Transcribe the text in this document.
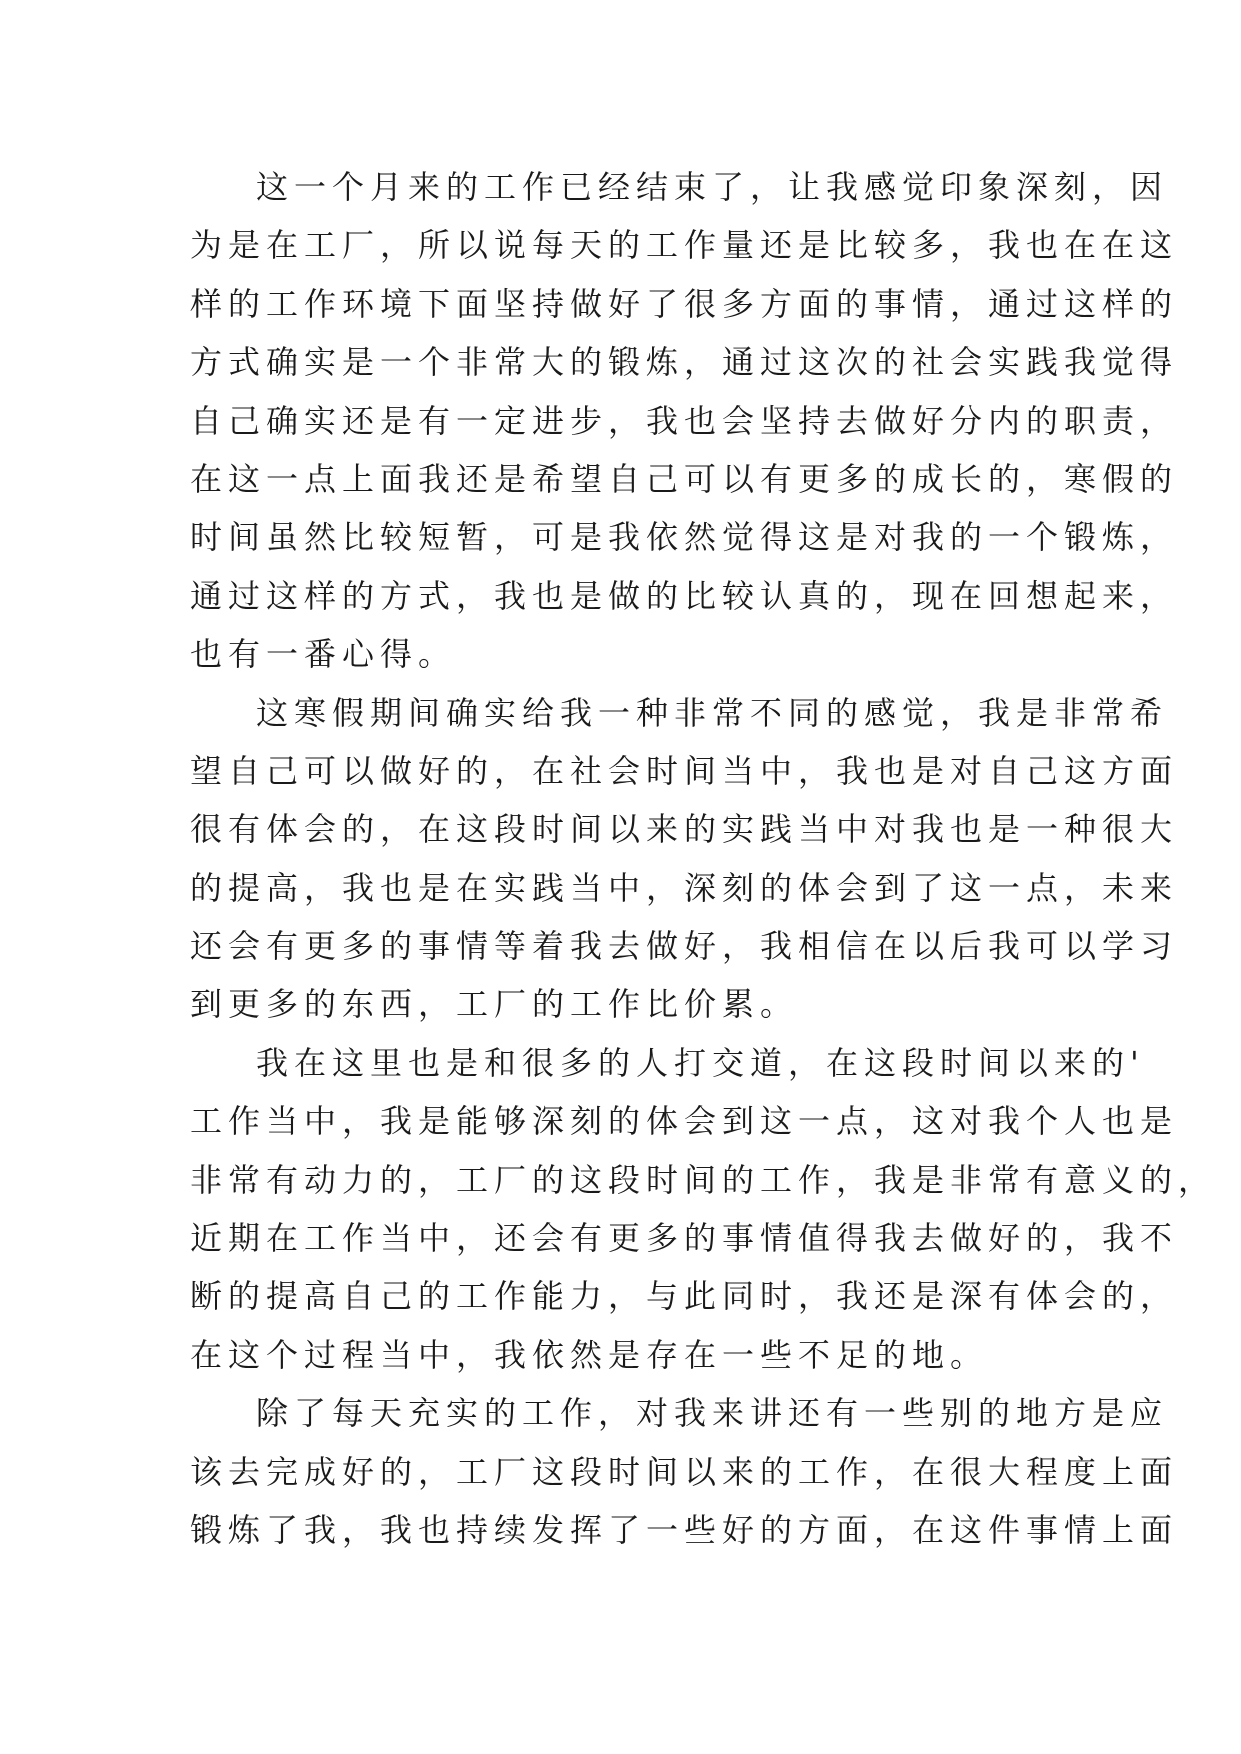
这一个月来的工作已经结束了，让我感觉印象深刻，因
为是在工厂，所以说每天的工作量还是比较多，我也在在这
样的工作环境下面坚持做好了很多方面的事情，通过这样的
方式确实是一个非常大的锻炼，通过这次的社会实践我觉得
自己确实还是有一定进步，我也会坚持去做好分内的职责，
在这一点上面我还是希望自己可以有更多的成长的，寒假的
时间虽然比较短暂，可是我依然觉得这是对我的一个锻炼，
通过这样的方式，我也是做的比较认真的，现在回想起来，
也有一番心得。
这寒假期间确实给我一种非常不同的感觉，我是非常希
望自己可以做好的，在社会时间当中，我也是对自己这方面
很有体会的，在这段时间以来的实践当中对我也是一种很大
的提高，我也是在实践当中，深刻的体会到了这一点，未来
还会有更多的事情等着我去做好，我相信在以后我可以学习
到更多的东西，工厂的工作比价累。
我在这里也是和很多的人打交道，在这段时间以来的'
工作当中，我是能够深刻的体会到这一点，这对我个人也是
非常有动力的，工厂的这段时间的工作，我是非常有意义的，
近期在工作当中，还会有更多的事情值得我去做好的，我不
断的提高自己的工作能力，与此同时，我还是深有体会的，
在这个过程当中，我依然是存在一些不足的地。
除了每天充实的工作，对我来讲还有一些别的地方是应
该去完成好的，工厂这段时间以来的工作，在很大程度上面
锻炼了我，我也持续发挥了一些好的方面，在这件事情上面
